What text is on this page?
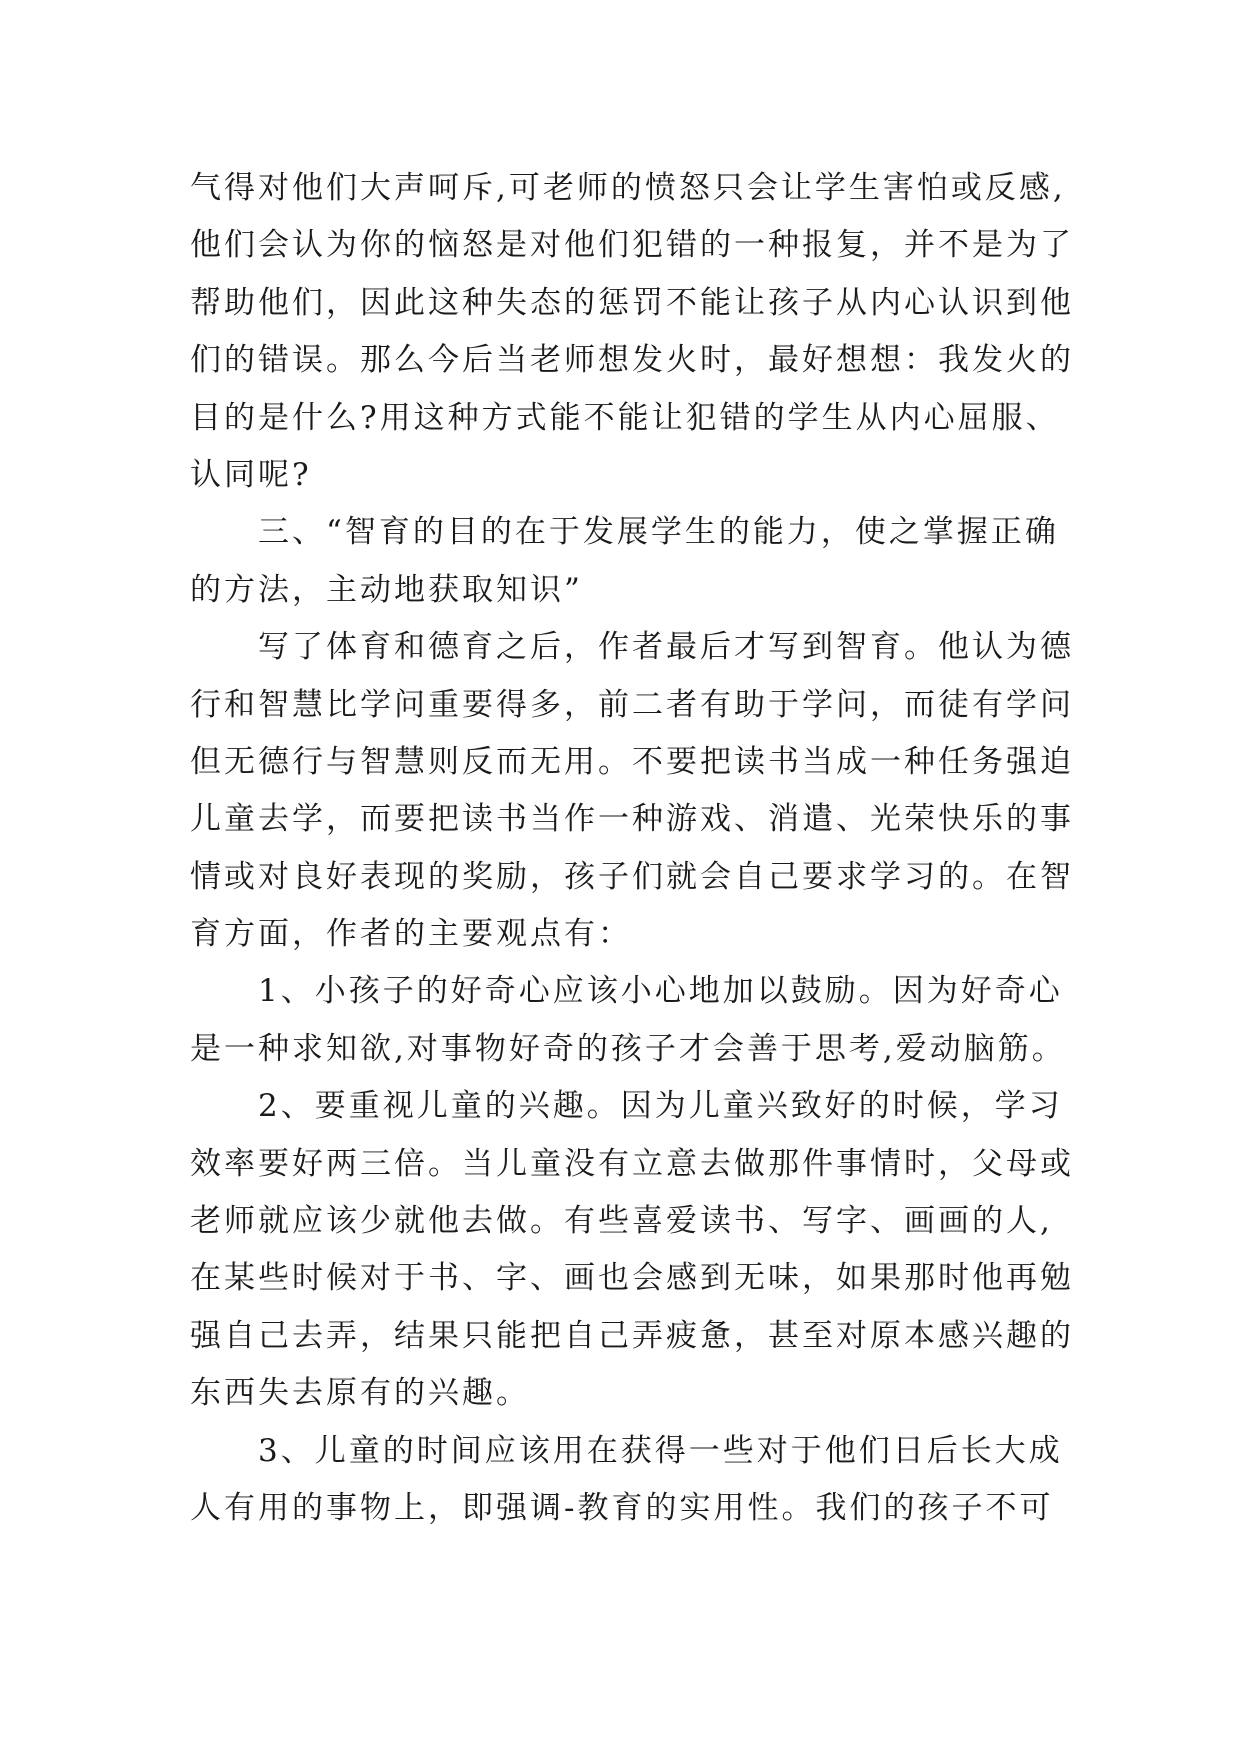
气得对他们大声呵斥,可老师的愤怒只会让学生害怕或反感,
他们会认为你的恼怒是对他们犯错的一种报复，并不是为了
帮助他们，因此这种失态的惩罚不能让孩子从内心认识到他
们的错误。那么今后当老师想发火时，最好想想：我发火的
目的是什么?用这种方式能不能让犯错的学生从内心屈服、
认同呢?
三、“智育的目的在于发展学生的能力，使之掌握正确
的方法，主动地获取知识”
写了体育和德育之后，作者最后才写到智育。他认为德
行和智慧比学问重要得多，前二者有助于学问，而徒有学问
但无德行与智慧则反而无用。不要把读书当成一种任务强迫
儿童去学，而要把读书当作一种游戏、消遣、光荣快乐的事
情或对良好表现的奖励，孩子们就会自己要求学习的。在智
育方面，作者的主要观点有：
1、小孩子的好奇心应该小心地加以鼓励。因为好奇心
是一种求知欲,对事物好奇的孩子才会善于思考,爱动脑筋。
2、要重视儿童的兴趣。因为儿童兴致好的时候，学习
效率要好两三倍。当儿童没有立意去做那件事情时，父母或
老师就应该少就他去做。有些喜爱读书、写字、画画的人,
在某些时候对于书、字、画也会感到无味，如果那时他再勉
强自己去弄，结果只能把自己弄疲惫，甚至对原本感兴趣的
东西失去原有的兴趣。
3、儿童的时间应该用在获得一些对于他们日后长大成
人有用的事物上，即强调-教育的实用性。我们的孩子不可
